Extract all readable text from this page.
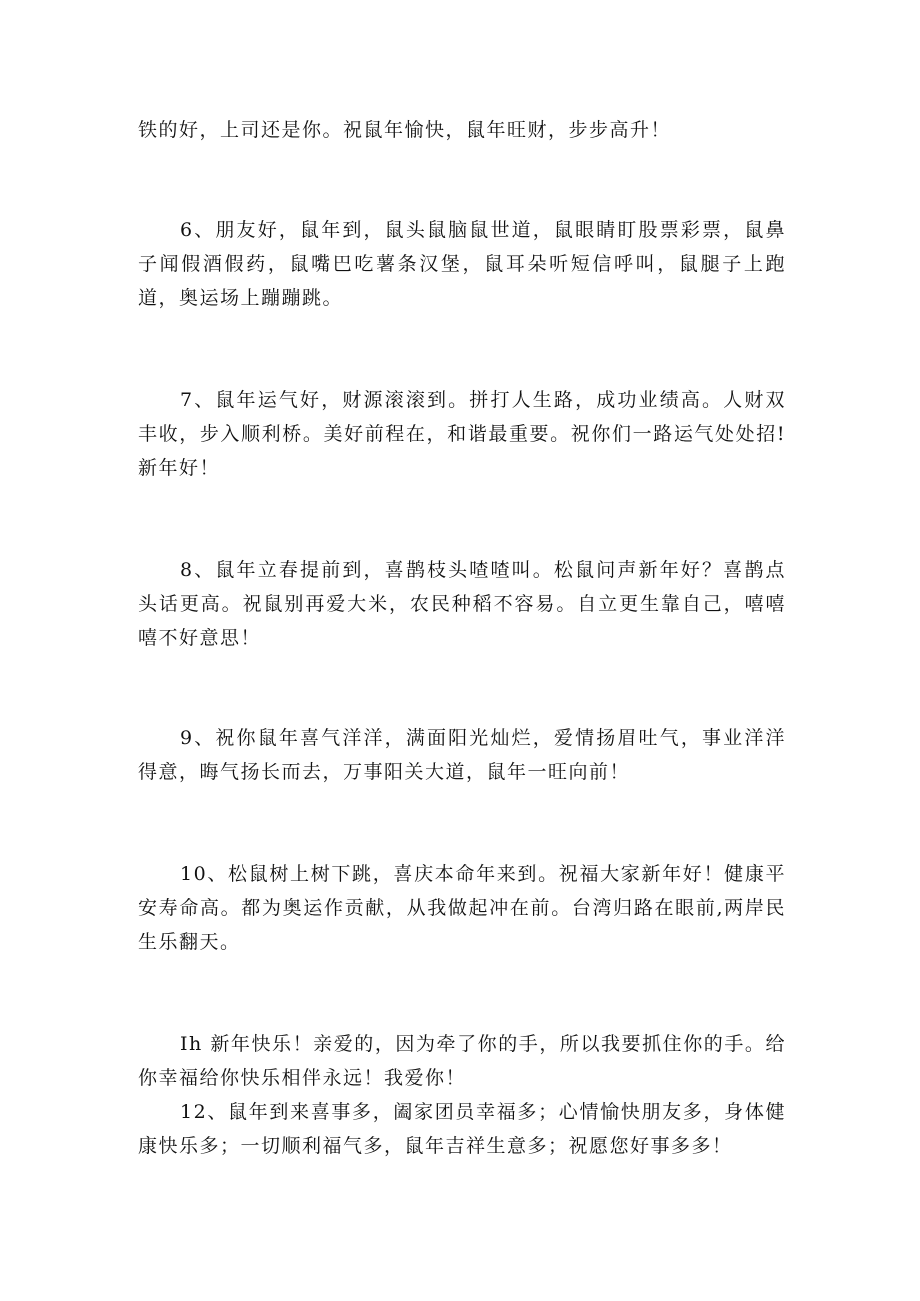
铁的好，上司还是你。祝鼠年愉快，鼠年旺财，步步高升！

6、朋友好，鼠年到，鼠头鼠脑鼠世道，鼠眼睛盯股票彩票，鼠鼻子闻假酒假药，鼠嘴巴吃薯条汉堡，鼠耳朵听短信呼叫，鼠腿子上跑道，奥运场上蹦蹦跳。

7、鼠年运气好，财源滚滚到。拼打人生路，成功业绩高。人财双丰收，步入顺利桥。美好前程在，和谐最重要。祝你们一路运气处处招!新年好！

8、鼠年立春提前到，喜鹊枝头喳喳叫。松鼠问声新年好？喜鹊点头话更高。祝鼠别再爱大米，农民种稻不容易。自立更生靠自己，嘻嘻嘻不好意思！

9、祝你鼠年喜气洋洋，满面阳光灿烂，爱情扬眉吐气，事业洋洋得意，晦气扬长而去，万事阳关大道，鼠年一旺向前！

10、松鼠树上树下跳，喜庆本命年来到。祝福大家新年好！健康平安寿命高。都为奥运作贡献，从我做起冲在前。台湾归路在眼前,两岸民生乐翻天。

Ih 新年快乐！亲爱的，因为牵了你的手，所以我要抓住你的手。给你幸福给你快乐相伴永远！我爱你！

12、鼠年到来喜事多，阖家团员幸福多；心情愉快朋友多，身体健康快乐多；一切顺利福气多，鼠年吉祥生意多；祝愿您好事多多！
